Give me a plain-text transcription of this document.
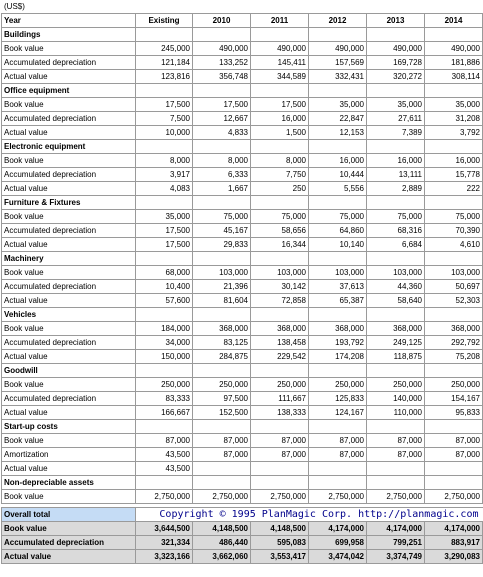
(US$)
Year	Existing	2010	2011	2012	2013	2014
Buildings						
Book value	245,000	490,000	490,000	490,000	490,000	490,000
Accumulated depreciation	121,184	133,252	145,411	157,569	169,728	181,886
Actual value	123,816	356,748	344,589	332,431	320,272	308,114
Office equipment						
Book value	17,500	17,500	17,500	35,000	35,000	35,000
Accumulated depreciation	7,500	12,667	16,000	22,847	27,611	31,208
Actual value	10,000	4,833	1,500	12,153	7,389	3,792
Electronic equipment						
Book value	8,000	8,000	8,000	16,000	16,000	16,000
Accumulated depreciation	3,917	6,333	7,750	10,444	13,111	15,778
Actual value	4,083	1,667	250	5,556	2,889	222
Furniture & Fixtures						
Book value	35,000	75,000	75,000	75,000	75,000	75,000
Accumulated depreciation	17,500	45,167	58,656	64,860	68,316	70,390
Actual value	17,500	29,833	16,344	10,140	6,684	4,610
Machinery						
Book value	68,000	103,000	103,000	103,000	103,000	103,000
Accumulated depreciation	10,400	21,396	30,142	37,613	44,360	50,697
Actual value	57,600	81,604	72,858	65,387	58,640	52,303
Vehicles						
Book value	184,000	368,000	368,000	368,000	368,000	368,000
Accumulated depreciation	34,000	83,125	138,458	193,792	249,125	292,792
Actual value	150,000	284,875	229,542	174,208	118,875	75,208
Goodwill						
Book value	250,000	250,000	250,000	250,000	250,000	250,000
Accumulated depreciation	83,333	97,500	111,667	125,833	140,000	154,167
Actual value	166,667	152,500	138,333	124,167	110,000	95,833
Start-up costs						
Book value	87,000	87,000	87,000	87,000	87,000	87,000
Amortization	43,500	87,000	87,000	87,000	87,000	87,000
Actual value	43,500					
Non-depreciable assets						
Book value	2,750,000	2,750,000	2,750,000	2,750,000	2,750,000	2,750,000

Overall total	Copyright © 1995 PlanMagic Corp. http://planmagic.com					
Book value	3,644,500	4,148,500	4,148,500	4,174,000	4,174,000	4,174,000
Accumulated depreciation	321,334	486,440	595,083	699,958	799,251	883,917
Actual value	3,323,166	3,662,060	3,553,417	3,474,042	3,374,749	3,290,083
